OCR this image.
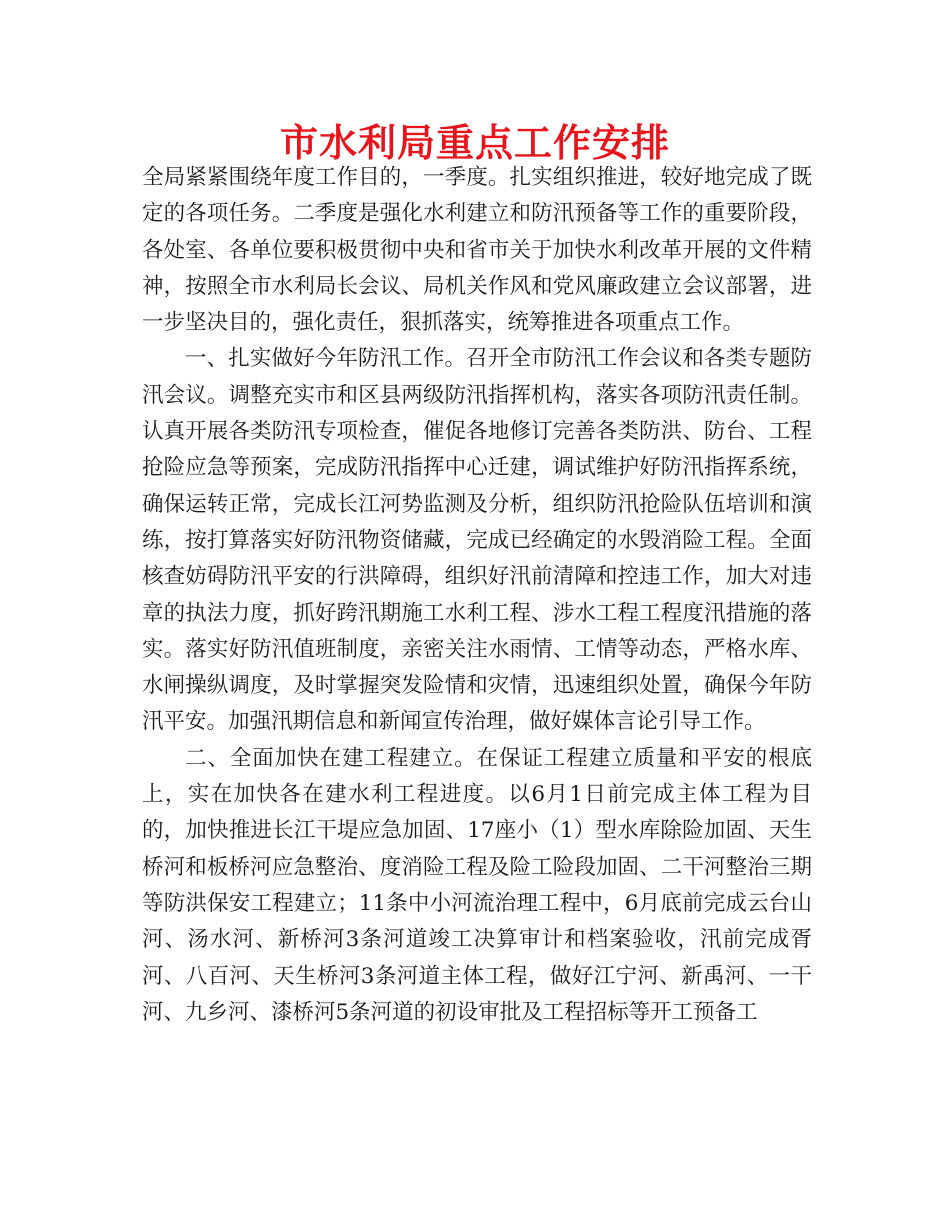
市水利局重点工作安排

全局紧紧围绕年度工作目的，一季度。扎实组织推进，较好地完成了既定的各项任务。二季度是强化水利建立和防汛预备等工作的重要阶段，各处室、各单位要积极贯彻中央和省市关于加快水利改革开展的文件精神，按照全市水利局长会议、局机关作风和党风廉政建立会议部署，进一步坚决目的，强化责任，狠抓落实，统筹推进各项重点工作。

一、扎实做好今年防汛工作。召开全市防汛工作会议和各类专题防汛会议。调整充实市和区县两级防汛指挥机构，落实各项防汛责任制。认真开展各类防汛专项检查，催促各地修订完善各类防洪、防台、工程抢险应急等预案，完成防汛指挥中心迁建，调试维护好防汛指挥系统，确保运转正常，完成长江河势监测及分析，组织防汛抢险队伍培训和演练，按打算落实好防汛物资储藏，完成已经确定的水毁消险工程。全面核查妨碍防汛平安的行洪障碍，组织好汛前清障和控违工作，加大对违章的执法力度，抓好跨汛期施工水利工程、涉水工程工程度汛措施的落实。落实好防汛值班制度，亲密关注水雨情、工情等动态，严格水库、水闸操纵调度，及时掌握突发险情和灾情，迅速组织处置，确保今年防汛平安。加强汛期信息和新闻宣传治理，做好媒体言论引导工作。

二、全面加快在建工程建立。在保证工程建立质量和平安的根底上，实在加快各在建水利工程进度。以6月1日前完成主体工程为目的，加快推进长江干堤应急加固、17座小（1）型水库除险加固、天生桥河和板桥河应急整治、度消险工程及险工险段加固、二干河整治三期等防洪保安工程建立；11条中小河流治理工程中，6月底前完成云台山河、汤水河、新桥河3条河道竣工决算审计和档案验收，汛前完成胥河、八百河、天生桥河3条河道主体工程，做好江宁河、新禹河、一干河、九乡河、漆桥河5条河道的初设审批及工程招标等开工预备工
